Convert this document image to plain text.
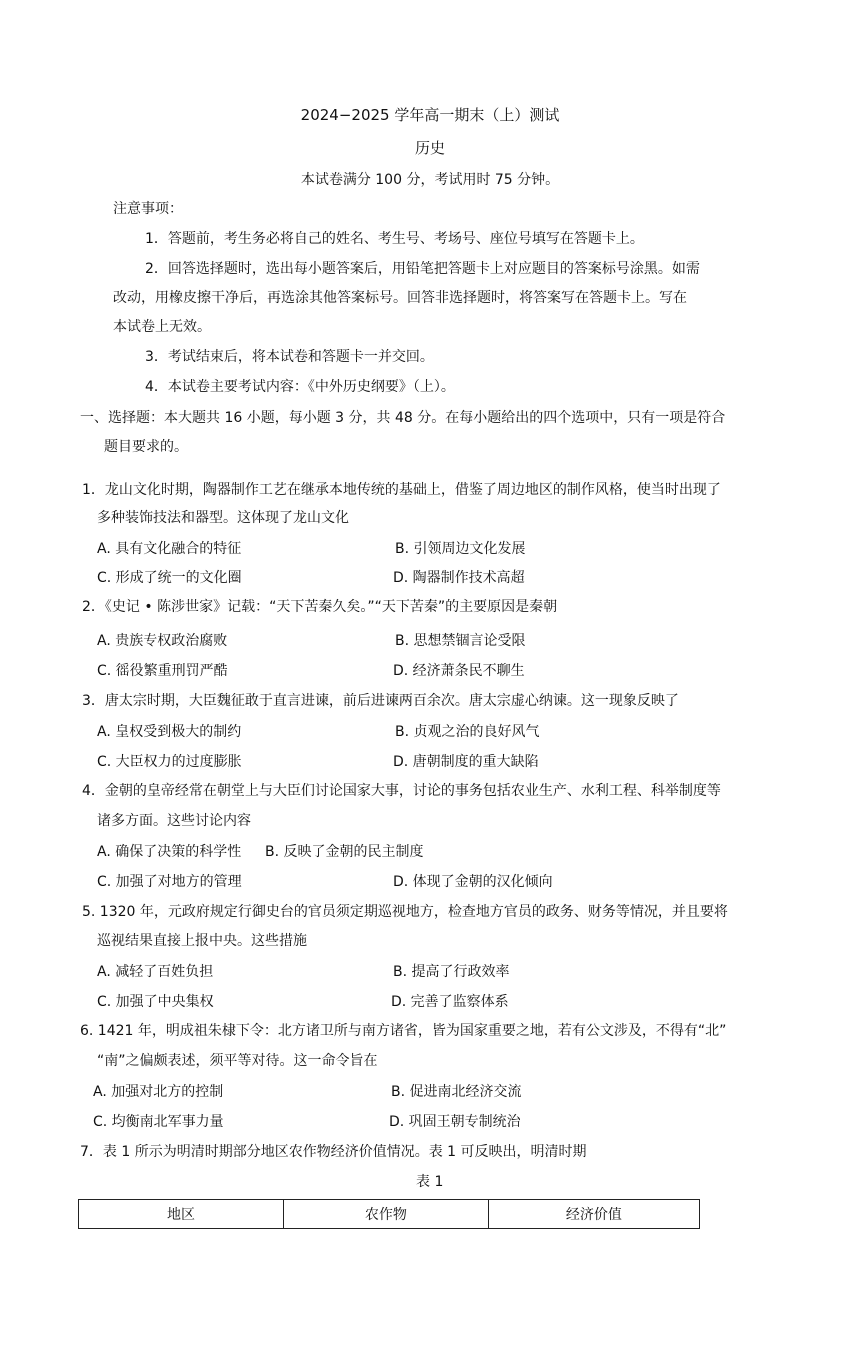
2024−2025 学年高一期末（上）测试
历史
本试卷满分 100 分，考试用时 75 分钟。
注意事项：
1．答题前，考生务必将自己的姓名、考生号、考场号、座位号填写在答题卡上。
2．回答选择题时，选出每小题答案后，用铅笔把答题卡上对应题目的答案标号涂黑。如需
改动，用橡皮擦干净后，再选涂其他答案标号。回答非选择题时，将答案写在答题卡上。写在
本试卷上无效。
3．考试结束后，将本试卷和答题卡一并交回。
4．本试卷主要考试内容：《中外历史纲要》（上）。
一、选择题：本大题共 16 小题，每小题 3 分，共 48 分。在每小题给出的四个选项中，只有一项是符合
题目要求的。
1．龙山文化时期，陶器制作工艺在继承本地传统的基础上，借鉴了周边地区的制作风格，使当时出现了
多种装饰技法和器型。这体现了龙山文化
A. 具有文化融合的特征	B. 引领周边文化发展
C. 形成了统一的文化圈	D. 陶器制作技术高超
2．《史记 • 陈涉世家》记载：“天下苦秦久矣。”“天下苦秦”的主要原因是秦朝
A. 贵族专权政治腐败	B. 思想禁锢言论受限
C. 徭役繁重刑罚严酷	D. 经济萧条民不聊生
3．唐太宗时期，大臣魏征敢于直言进谏，前后进谏两百余次。唐太宗虚心纳谏。这一现象反映了
A. 皇权受到极大的制约	B. 贞观之治的良好风气
C. 大臣权力的过度膨胀	D. 唐朝制度的重大缺陷
4．金朝的皇帝经常在朝堂上与大臣们讨论国家大事，讨论的事务包括农业生产、水利工程、科举制度等
诸多方面。这些讨论内容
A. 确保了决策的科学性 B. 反映了金朝的民主制度
C. 加强了对地方的管理	D. 体现了金朝的汉化倾向
5. 1320 年，元政府规定行御史台的官员须定期巡视地方，检查地方官员的政务、财务等情况，并且要将
巡视结果直接上报中央。这些措施
A. 减轻了百姓负担	B. 提高了行政效率
C. 加强了中央集权	D. 完善了监察体系
6. 1421 年，明成祖朱棣下令：北方诸卫所与南方诸省，皆为国家重要之地，若有公文涉及，不得有“北”
“南”之偏颇表述，须平等对待。这一命令旨在
A. 加强对北方的控制	B. 促进南北经济交流
C. 均衡南北军事力量	D. 巩固王朝专制统治
7．表 1 所示为明清时期部分地区农作物经济价值情况。表 1 可反映出，明清时期
表 1
地区	农作物	经济价值
